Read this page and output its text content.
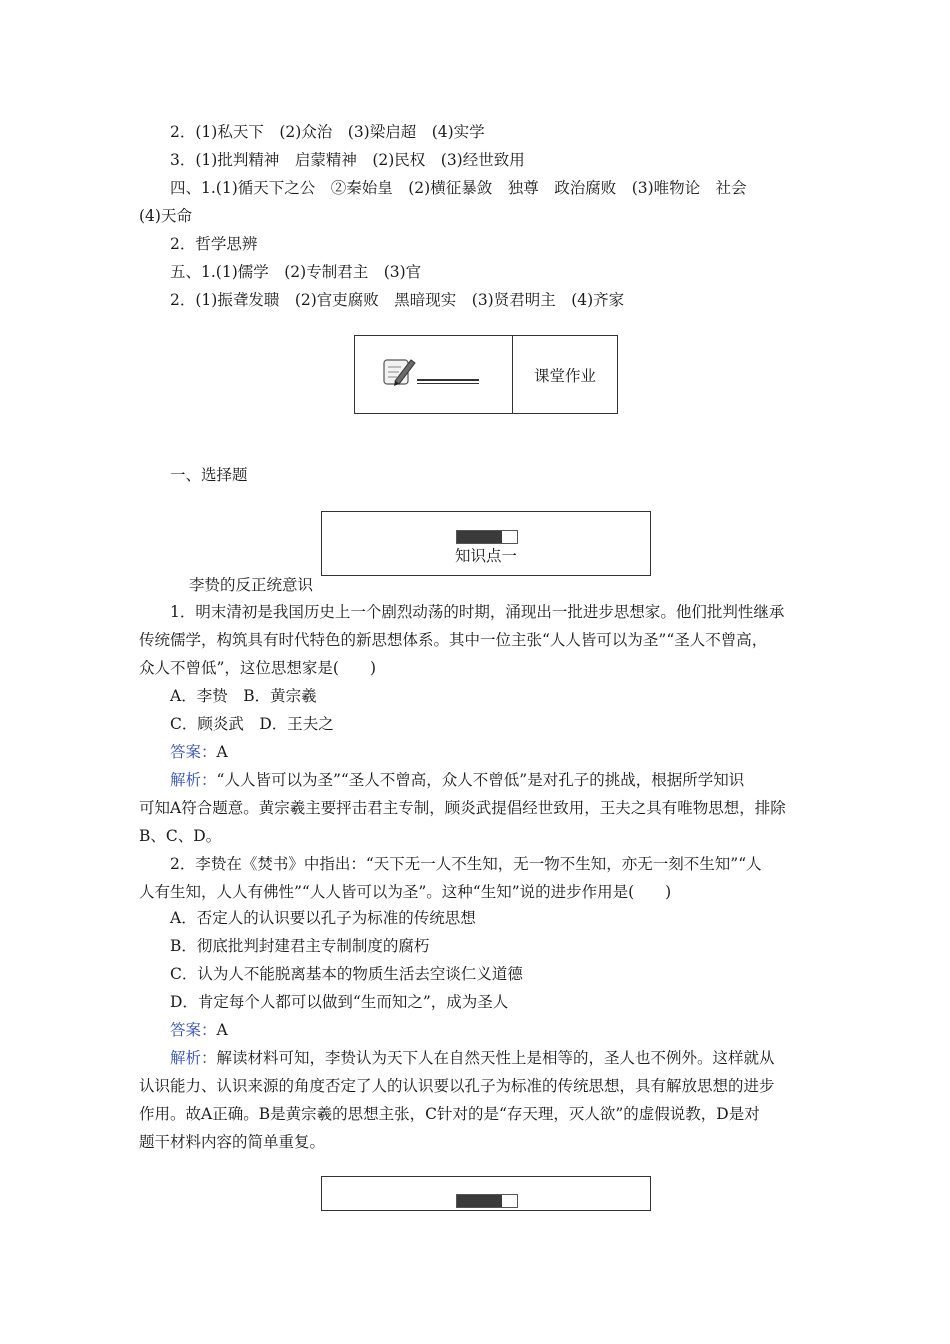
2．(1)私天下　(2)众治　(3)梁启超　(4)实学
3．(1)批判精神　启蒙精神　(2)民权　(3)经世致用
四、1.(1)循天下之公　②秦始皇　(2)横征暴敛　独尊　政治腐败　(3)唯物论　社会
(4)天命
2．哲学思辨
五、1.(1)儒学　(2)专制君主　(3)官
2．(1)振聋发聩　(2)官吏腐败　黑暗现实　(3)贤君明主　(4)齐家
课堂作业
一、选择题
知识点一
李贽的反正统意识
1．明末清初是我国历史上一个剧烈动荡的时期，涌现出一批进步思想家。他们批判性继承
传统儒学，构筑具有时代特色的新思想体系。其中一位主张“人人皆可以为圣”“圣人不曾高，
众人不曾低”，这位思想家是(　　)
A．李贽　B．黄宗羲
C．顾炎武　D．王夫之
答案：A
解析：“人人皆可以为圣”“圣人不曾高，众人不曾低”是对孔子的挑战，根据所学知识
可知A符合题意。黄宗羲主要抨击君主专制，顾炎武提倡经世致用，王夫之具有唯物思想，排除
B、C、D。
2．李贽在《焚书》中指出：“天下无一人不生知，无一物不生知，亦无一刻不生知”“人
人有生知，人人有佛性”“人人皆可以为圣”。这种“生知”说的进步作用是(　　)
A．否定人的认识要以孔子为标准的传统思想
B．彻底批判封建君主专制制度的腐朽
C．认为人不能脱离基本的物质生活去空谈仁义道德
D．肯定每个人都可以做到“生而知之”，成为圣人
答案：A
解析：解读材料可知，李贽认为天下人在自然天性上是相等的，圣人也不例外。这样就从
认识能力、认识来源的角度否定了人的认识要以孔子为标准的传统思想，具有解放思想的进步
作用。故A正确。B是黄宗羲的思想主张，C针对的是“存天理，灭人欲”的虚假说教，D是对
题干材料内容的简单重复。
